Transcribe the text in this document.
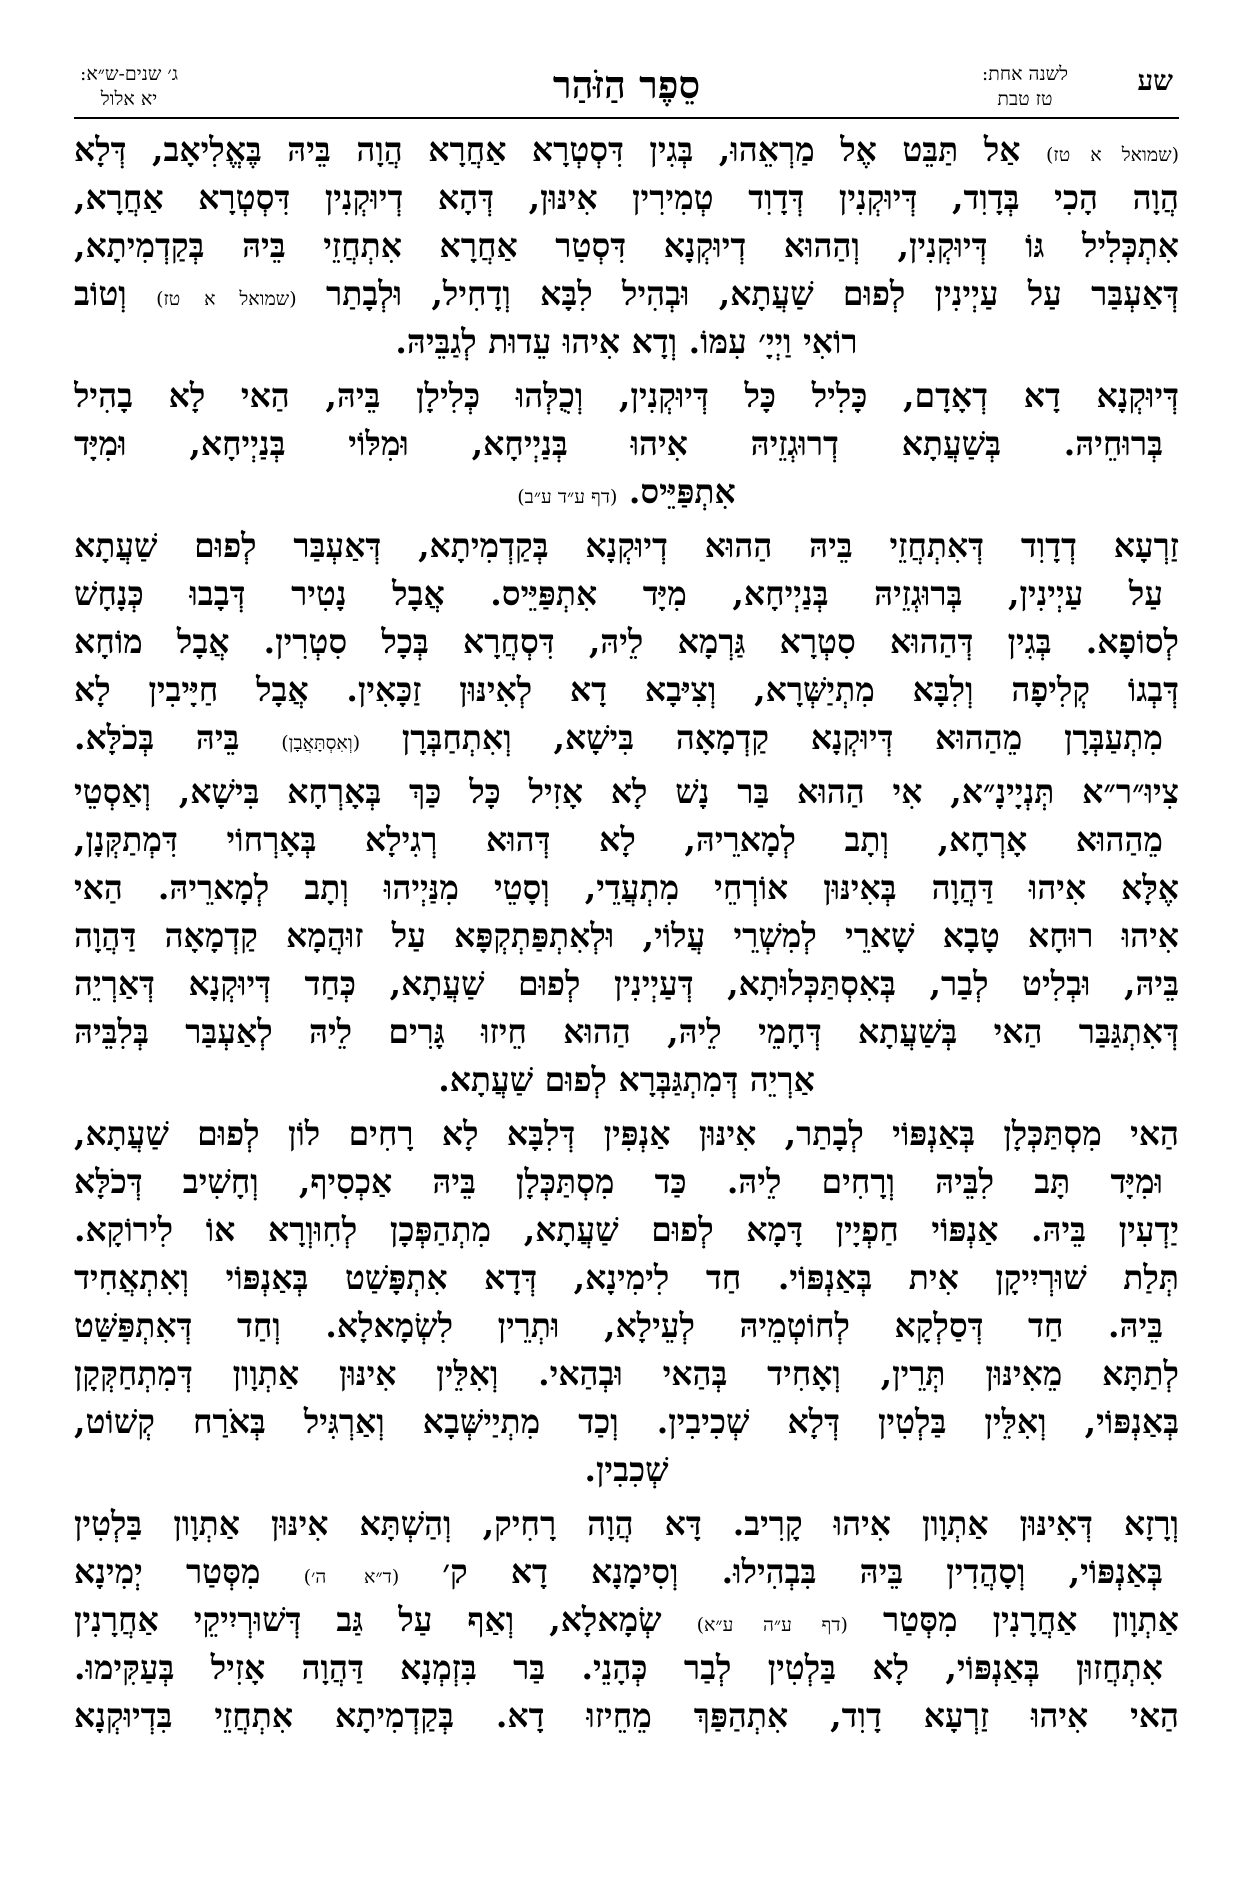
שע
לשנה אחת:
טז טבת
סֵפֶר הַזֹּהַר
ג׳ שנים-ש״א:
יא אלול
(שמואל א טז) אַל תַּבֵּט אֶל מַרְאֵהוּ, בְּגִין דִּסְטְרָא אַחֲרָא הֲוָה בֵּיהּ בֶּאֱלִיאָב, דְּלָא
הֲוָה הָכִי בְּדָוִד, דְּיוּקְנִין דְּדָוִד טְמִירִין אִינּוּן, דְּהָא דְיוּקְנִין דִּסְטְרָא אַחֲרָא,
אִתְכְּלִיל גּוֹ דְּיוּקְנִין, וְהַהוּא דְיוּקְנָא דִּסְטַר אַחֲרָא אִתְחֲזֵי בֵּיהּ בְּקַדְמִיתָא,
דְּאַעְבַּר עַל עַיְינִין לְפוּם שַׁעֲתָא, וּבְהִיל לִבָּא וְדָחִיל, וּלְבָתַר (שמואל א טז) וְטוֹב
רוֹאִי וַיְיָ׳ עִמּוֹ. וְדָא אִיהוּ עֵדוּת לְגַבֵּיהּ.
דְּיוּקְנָא דָא דְאָדָם, כָּלִיל כָּל דְּיוּקְנִין, וְכֻלְּהוּ כְּלִילָן בֵּיהּ, הַאי לָא בָהִיל
בְּרוּחֵיהּ. בְּשַׁעֲתָא דְרוּגְזֵיהּ אִיהוּ בְּנַיְיחָא, וּמִלּוֹי בְּנַיְיחָא, וּמִיָּד
אִתְפַּיֵּיס. (דף ע״ד ע״ב)
זַרְעָא דְדָוִד דְּאִתְחֲזֵי בֵּיהּ הַהוּא דְיוּקְנָא בְּקַדְמִיתָא, דְּאַעְבַּר לְפוּם שַׁעֲתָא
עַל עַיְינִין, בְּרוּגְזֵיהּ בְּנַיְיחָא, מִיָּד אִתְפַּיֵּיס. אֲבָל נָטִיר דְּבָבוּ כְּנָחָשׁ
לְסוֹפָא. בְּגִין דְּהַהוּא סִטְרָא גַּרְמָא לֵיהּ, דִּסְחֲרָא בְּכָל סִטְרִין. אֲבָל מוֹחָא
דְּבְגוֹ קְלִיפָה וְלִבָּא מִתְיַשְּׁרָא, וְצִיּבָא דָא לְאִינּוּן זַכָּאִין. אֲבָל חַיָּיבִין לָא
מִתְעַבְּרָן מֵהַהוּא דְּיוּקְנָא קַדְמָאָה בִּישָׁא, וְאִתְחַבְּרָן (וְאִסְתָּאֲבָן) בֵּיהּ בְּכֹלָּא.
צִיוּ״ר״א תְּנְיָינָ״א, אִי הַהוּא בַּר נָשׁ לָא אָזִיל כָּל כַּךְ בְּאָרְחָא בִּישָׁא, וְאַסְטֵי
מֵהַהוּא אָרְחָא, וְתָב לְמָארֵיהּ, לָא דְּהוּא רְגִילָא בְּאָרְחוֹי דִּמְתַקְּנָן,
אֶלָּא אִיהוּ דַּהֲוָה בְּאִינּוּן אוֹרְחֵי מִתְעֲדֵי, וְסָטֵי מִנַּיְיהוּ וְתָב לְמָארֵיהּ. הַאי
אִיהוּ רוּחָא טָבָא שָׁארֵי לְמִשְׁרֵי עֲלוֹי, וּלְאִתְפַּתְקְפָּא עַל זוּהֲמָא קַדְמָאָה דַּהֲוָה
בֵּיהּ, וּבְלִיט לְבַר, בְּאִסְתַּכְּלוּתָא, דְּעַיְינִין לְפוּם שַׁעֲתָא, כְּחַד דְּיוּקְנָא דְּאַרְיֵה
דְּאִתְגַּבַּר הַאי בְּשַׁעֲתָא דְּחָמֵי לֵיהּ, הַהוּא חֵיזוּ גָּרִים לֵיהּ לְאַעְבַּר בְּלִבֵּיהּ
אַרְיֵה דְּמִתְגַּבְּרָא לְפוּם שַׁעֲתָא.
הַאי מִסְתַּכְּלָן בְּאַנְפּוֹי לְבָתַר, אִינּוּן אַנְפִּין דְּלִבָּא לָא רָחִים לוֹן לְפוּם שַׁעֲתָא,
וּמִיָּד תָּב לִבֵּיהּ וְרָחִים לֵיהּ. כַּד מִסְתַּכְּלָן בֵּיהּ אַכְסִיף, וְחָשִׁיב דְּכֹלָּא
יַדְעִין בֵּיהּ. אַנְפּוֹי חַפְיָין דָּמָא לְפוּם שַׁעֲתָא, מִתְהַפְּכָן לְחִוּוְרָא אוֹ לִירוֹקָא.
תְּלַת שׁוּרְיִיקָן אִית בְּאַנְפּוֹי. חַד לִימִינָא, דְּדָא אִתְפָּשַׁט בְּאַנְפּוֹי וְאִתְאֲחִיד
בֵּיהּ. חַד דְּסַלְקָא לְחוֹטְמֵיהּ לְעֵילָא, וּתְרֵין לִשְׂמָאלָא. וְחַד דְּאִתְפַּשַּׁט
לְתַתָּא מֵאִינּוּן תְּרֵין, וְאָחִיד בְּהַאי וּבְהַאי. וְאִלֵּין אִינּוּן אַתְוָון דְּמִתְחַקְּקָן
בְּאַנְפּוֹי, וְאִלֵּין בַּלְטִין דְּלָא שְׁכִיבִין. וְכַד מִתְיַישְּׁבָא וְאַרְגִּיל בְּאֹרַח קְשׁוֹט,
שְׁכִבִין.
וְרָזָא דְּאִינּוּן אַתְוָון אִיהוּ קָרִיב. דָּא הֲוָה רָחִיק, וְהַשְׁתָּא אִינּוּן אַתְוָון בַּלְטִין
בְּאַנְפּוֹי, וְסָהֲדִין בֵּיהּ בִּבְהִילוּ. וְסִימָנָא דָא ק׳ (ד״א ה׳) מִסְּטַר יְמִינָא
אַתְוָון אַחֲרָנִין מִסְּטַר (דף ע״ה ע״א) שְׂמָאלָא, וְאַף עַל גַּב דְּשׁוּרְיִיקֵי אַחֲרָנִין
אִתְחֲזוּן בְּאַנְפּוֹי, לָא בַּלְטִין לְבַר כְּהָנֵי. בַּר בִּזְמְנָא דַּהֲוָה אָזִיל בְּעַקִּימוּ.
הַאי אִיהוּ זַרְעָא דָוִד, אִתְהַפַּךְ מֵחֵיזוּ דָא. בְּקַדְמִיתָא אִתְחֲזֵי בִּדְיוּקְנָא
